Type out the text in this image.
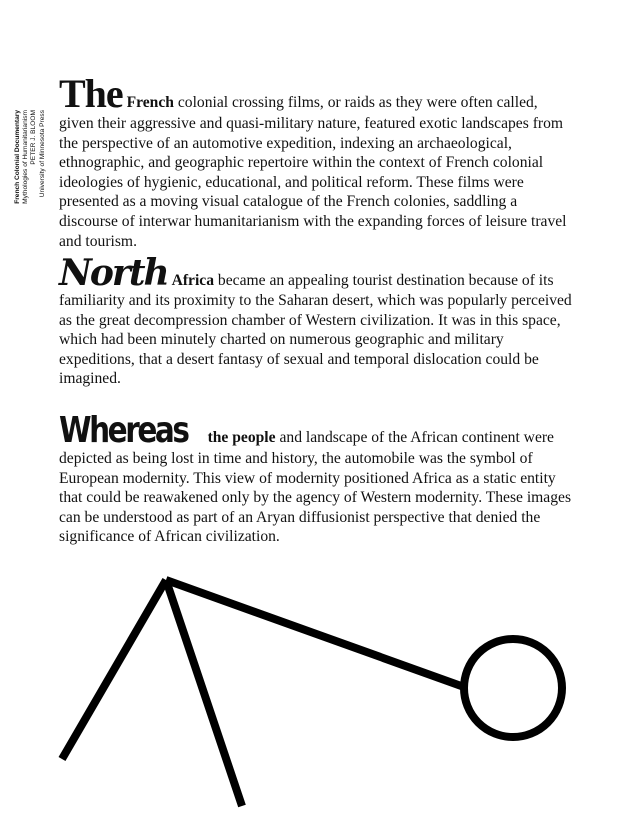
French Colonial Documentary Mythologies of Humanitarianism PETER J. BLOOM University of Minnesota Press
The French colonial crossing films, or raids as they were often called, given their aggressive and quasi-military nature, featured exotic landscapes from the perspective of an automotive expedition, indexing an archaeological, ethnographic, and geographic repertoire within the context of French colonial ideologies of hygienic, educational, and political reform. These films were presented as a moving visual catalogue of the French colonies, saddling a discourse of interwar humanitarianism with the expanding forces of leisure travel and tourism.
North Africa became an appealing tourist destination because of its familiarity and its proximity to the Saharan desert, which was popularly perceived as the great decompression chamber of Western civilization. It was in this space, which had been minutely charted on numerous geographic and military expeditions, that a desert fantasy of sexual and temporal dislocation could be imagined.
Whereas the people and landscape of the African continent were depicted as being lost in time and history, the automobile was the symbol of European modernity. This view of modernity positioned Africa as a static entity that could be reawakened only by the agency of Western modernity. These images can be understood as part of an Aryan diffusionist perspective that denied the significance of African civilization.
